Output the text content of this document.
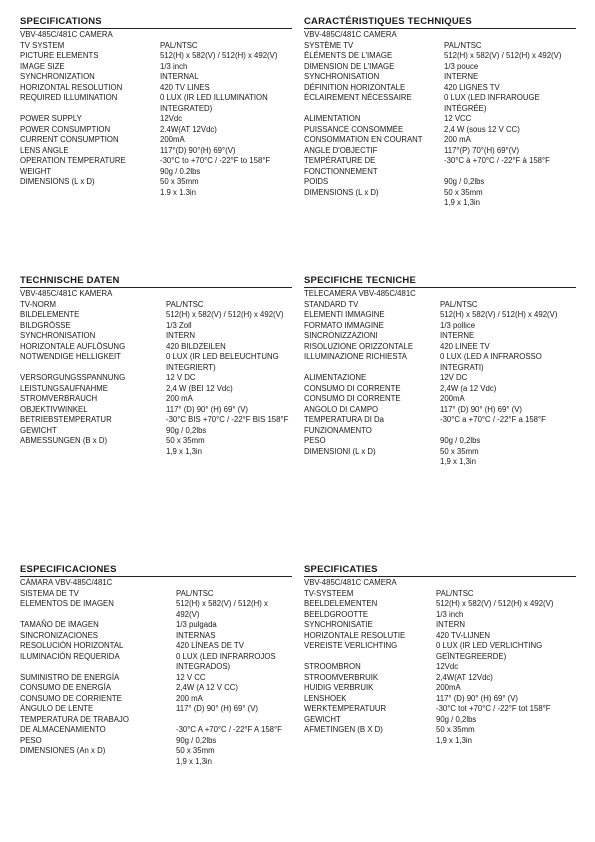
SPECIFICATIONS
VBV-485C/481C CAMERA
TV SYSTEM	PAL/NTSC
PICTURE ELEMENTS	512(H) x 582(V) / 512(H) x 492(V)
IMAGE SIZE	1/3 inch
SYNCHRONIZATION	INTERNAL
HORIZONTAL RESOLUTION	420 TV LINES
REQUIRED ILLUMINATION	0 LUX (IR LED ILLUMINATION
INTEGRATED)
POWER SUPPLY	12Vdc
POWER CONSUMPTION	2.4W(AT 12Vdc)
CURRENT CONSUMPTION	200mA
LENS ANGLE	117°(D) 90°(H) 69°(V)
OPERATION TEMPERATURE	-30°C to +70°C / -22°F to 158°F
WEIGHT	90g / 0.2lbs
DIMENSIONS (L x D)	50 x 35mm
1.9 x 1.3in
CARACTÉRISTIQUES TECHNIQUES
VBV-485C/481C CAMERA
SYSTÈME TV	PAL/NTSC
ÉLÉMENTS DE L'IMAGE	512(H) x 582(V) / 512(H) x 492(V)
DIMENSION DE L'IMAGE	1/3 pouce
SYNCHRONISATION	INTERNE
DÉFINITION HORIZONTALE	420 LIGNES TV
ÉCLAIREMENT NÉCESSAIRE	0 LUX (LED INFRAROUGE
INTÉGRÉE)
ALIMENTATION	12 VCC
PUISSANCE CONSOMMÉE	2,4 W (sous 12 V CC)
CONSOMMATION EN COURANT	200 mA
ANGLE D'OBJECTIF	117°(P) 70°(H) 69°(V)
TEMPÉRATURE DE	-30°C à +70°C / -22°F à 158°F
FONCTIONNEMENT
POIDS	90g / 0,2lbs
DIMENSIONS (L x D)	50 x 35mm
1,9 x 1,3in
TECHNISCHE DATEN
VBV-485C/481C KAMERA
TV-NORM	PAL/NTSC
BILDELEMENTE	512(H) x 582(V) / 512(H) x 492(V)
BILDGRÖSSE	1/3 Zoll
SYNCHRONISATION	INTERN
HORIZONTALE AUFLÖSUNG	420 BILDZEILEN
NOTWENDIGE HELLIGKEIT	0 LUX (IR LED BELEUCHTUNG
INTEGRIERT)
VERSORGUNGSSPANNUNG	12 V DC
LEISTUNGSAUFNAHME	2,4 W (BEI 12 Vdc)
STROMVERBRAUCH	200 mA
OBJEKTIVWINKEL	117° (D) 90° (H) 69° (V)
BETRIEBSTEMPERATUR	-30°C BIS +70°C / -22°F BIS 158°F
GEWICHT	90g / 0,2lbs
ABMESSUNGEN (B x D)	50 x 35mm
1,9 x 1,3in
SPECIFICHE TECNICHE
TELECAMERA VBV-485C/481C
STANDARD TV	PAL/NTSC
ELEMENTI IMMAGINE	512(H) x 582(V) / 512(H) x 492(V)
FORMATO IMMAGINE	1/3 pollice
SINCRONIZZAZIONI	INTERNE
RISOLUZIONE ORIZZONTALE	420 LINEE TV
ILLUMINAZIONE RICHIESTA	0 LUX (LED A INFRAROSSO
INTEGRATI)
ALIMENTAZIONE	12V DC
CONSUMO DI CORRENTE	2,4W (a 12 Vdc)
CONSUMO DI CORRENTE	200mA
ANGOLO DI CAMPO	117° (D) 90° (H) 69° (V)
TEMPERATURA DI Da	-30°C a +70°C / -22°F a 158°F
FUNZIONAMENTO
PESO	90g / 0,2lbs
DIMENSIONI (L x D)	50 x 35mm
1,9 x 1,3in
ESPECIFICACIONES
CÁMARA VBV-485C/481C
SISTEMA DE TV	PAL/NTSC
ELEMENTOS DE IMAGEN	512(H) x 582(V) / 512(H) x 492(V)
TAMAÑO DE IMAGEN	1/3 pulgada
SINCRONIZACIONES	INTERNAS
RESOLUCIÓN HORIZONTAL	420 LÍNEAS DE TV
ILUMINACIÓN REQUERIDA	0 LUX (LED INFRARROJOS
INTEGRADOS)
SUMINISTRO DE ENERGÍA	12 V CC
CONSUMO DE ENERGÍA	2,4W (A 12 V CC)
CONSUMO DE CORRIENTE	200 mA
ÁNGULO DE LENTE	117° (D) 90° (H) 69° (V)
TEMPERATURA DE TRABAJO
DE ALMACENAMIENTO	-30°C A +70°C / -22°F A 158°F
PESO	90g / 0,2lbs
DIMENSIONES (An x D)	50 x 35mm
1,9 x 1,3in
SPECIFICATIES
VBV-485C/481C CAMERA
TV-SYSTEEM	PAL/NTSC
BEELDELEMENTEN	512(H) x 582(V) / 512(H) x 492(V)
BEELDGROOTTE	1/3 inch
SYNCHRONISATIE	INTERN
HORIZONTALE RESOLUTIE	420 TV-LIJNEN
VEREISTE VERLICHTING	0 LUX (IR LED VERLICHTING
GEÏNTEGREERDE)
STROOMBRON	12Vdc
STROOMVERBRUIK	2,4W(AT 12Vdc)
HUIDIG VERBRUIK	200mA
LENSHOEK	117° (D) 90° (H) 69° (V)
WERKTEMPERATUUR	-30°C tot +70°C / -22°F tot 158°F
GEWICHT	90g / 0,2lbs
AFMETINGEN (B X D)	50 x 35mm
1,9 x 1,3in
